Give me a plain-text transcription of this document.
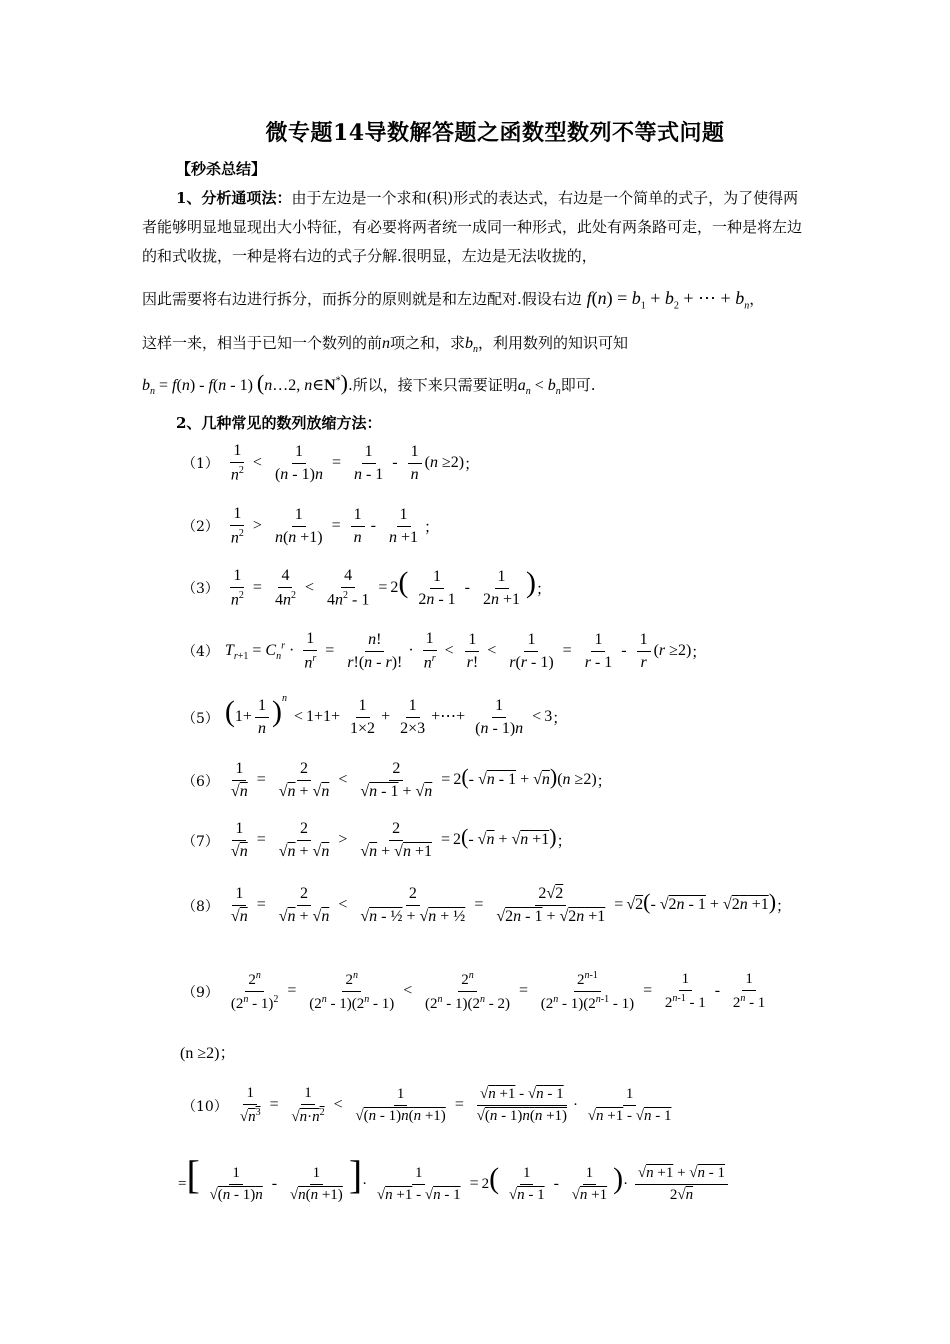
微专题14导数解答题之函数型数列不等式问题
【秒杀总结】
1、分析通项法：由于左边是一个求和(积)形式的表达式，右边是一个简单的式子，为了使得两者能够明显地显现出大小特征，有必要将两者统一成同一种形式，此处有两条路可走，一种是将左边的和式收拢，一种是将右边的式子分解.很明显，左边是无法收拢的，
因此需要将右边进行拆分，而拆分的原则就是和左边配对.假设右边 $f(n) = b_1 + b_2$ + ⋯ + $b_n$，
这样一来，相当于已知一个数列的前n项之和，求$b_n$，利用数列的知识可知
$b_n = f(n) - f(n - 1)$ (n…2, n∈N*).所以，接下来只需要证明$a_n < b_n$即可.
2、几种常见的数列放缩方法：
$(1) \frac{1}{n^2} < \frac{1}{(n - 1)n} = \frac{1}{n - 1} - \frac{1}{n} (n \ge 2)$ ；
$(2) \frac{1}{n^2} > \frac{1}{n(n +1)} = \frac{1}{n} - \frac{1}{n +1}$ ；
$(3) \frac{1}{n^2} = \frac{4}{4n^2} < \frac{4}{4n^2 - 1} = 2( \frac{1}{2n - 1} - \frac{1}{2n +1}$ ) ；
（4） $T_{r+1} = C_n^r \cdot \frac{1}{n^r} = \frac{n!}{r!(n - r)!} \cdot \frac{1}{n^r} < \frac{1}{r!} < \frac{1}{r(r - 1)} = \frac{1}{r - 1} - \frac{1}{r} (r \ge 2)$ ；
（5） $(1+ \frac{1}{n} )^n < 1+1+ \frac{1}{1\times 2} + \frac{1}{2\times 3}$ +⋯+ $\frac{1}{(n - 1)n} < 3$ ；
$(6) \frac{1}{√n} = \frac{2}{√n + √n} < \frac{2}{√n - 1 + √n} = 2(-$ √n - 1 + √n)(n ≥2) ；
$(7) \frac{1}{√n} = \frac{2}{√n + √n} > \frac{2}{√n + √n +1} = 2(-$ √n + √n +1) ；
$(8) \frac{1}{√n} = \frac{2}{√n + √n} < \frac{2}{\text{√n - ½ + √n + ½}} = \frac{2√2}{√2n - 1 + √2n +1} = √2(-$ √2n - 1 + √2n +1) ；
$(9) \frac{2^n}{(2^n - 1)^2} = \frac{2^n}{(2^n - 1)(2^n - 1)} < \frac{2^n}{(2^n - 1)(2^n - 2)} = \frac{2^{n-1}}{(2^n - 1)(2^{n-1} - 1)} = \frac{1}{2^{n-1} - 1} - \frac{1}{2^n - 1}$
(n ≥2)；
$(10) \frac{1}{√n^3} = \frac{1}{√n\cdot n^2} < \frac{1}{√(n - 1)n(n +1)} = \frac{√n +1 - √n - 1}{√(n - 1)n(n +1)} \cdot \frac{1}{√n +1 - √n - 1}$
=[ $\frac{1}{√(n - 1)n} - \frac{1}{√n(n +1)}$ ]· $\frac{1}{√n +1 - √n - 1} = 2( \frac{1}{√n - 1} - \frac{1}{√n +1}$ )· $\frac{√n +1 + √n - 1}{2√n}$
